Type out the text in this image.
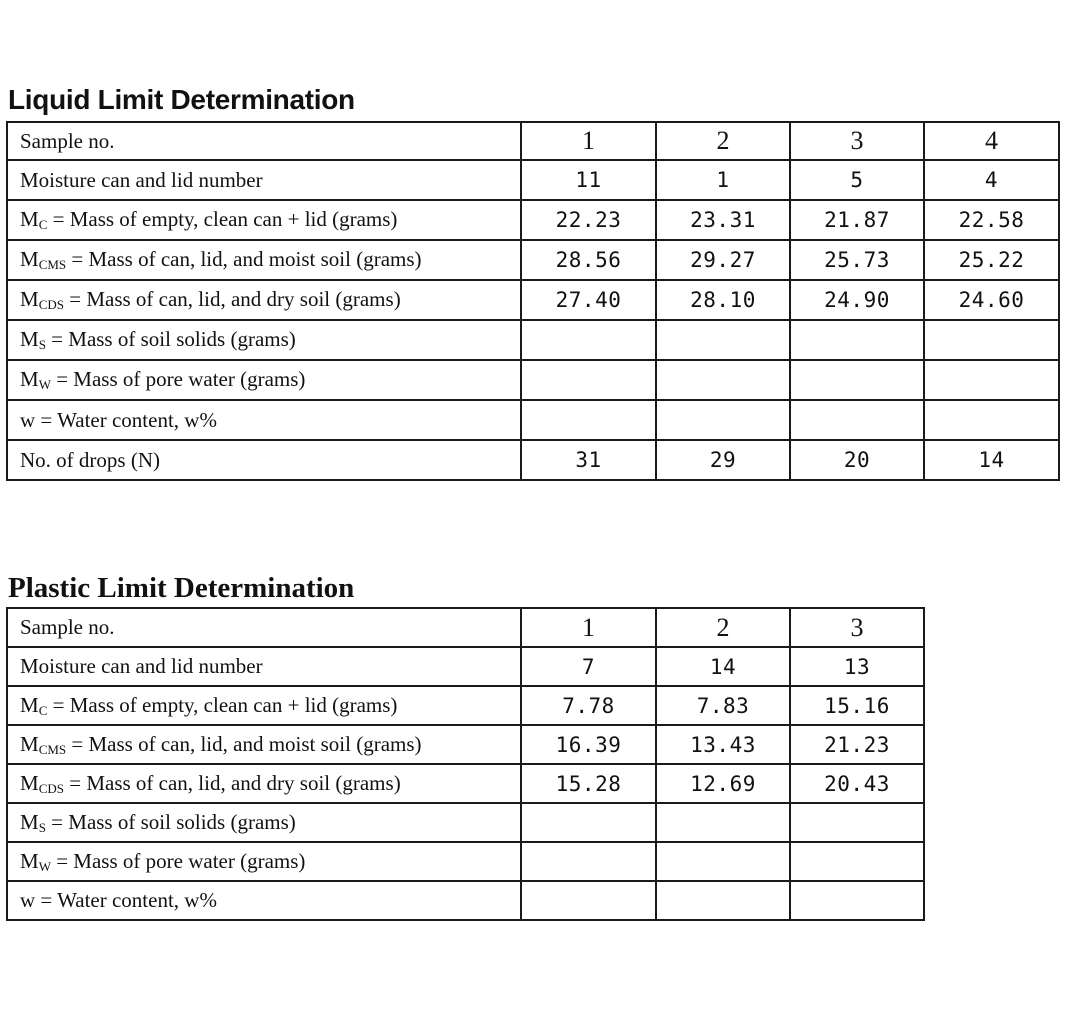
Liquid Limit Determination
Sample no.	1	2	3	4
Moisture can and lid number	11	1	5	4
$M_C$ = Mass of empty, clean can + lid (grams)	22.23	23.31	21.87	22.58
$M_{CMS}$ = Mass of can, lid, and moist soil (grams)	28.56	29.27	25.73	25.22
$M_{CDS}$ = Mass of can, lid, and dry soil (grams)	27.40	28.10	24.90	24.60
$M_S$ = Mass of soil solids (grams)				
$M_W$ = Mass of pore water (grams)				
w = Water content, w%				
No. of drops (N)	31	29	20	14
Plastic Limit Determination
Sample no.	1	2	3
Moisture can and lid number	7	14	13
$M_C$ = Mass of empty, clean can + lid (grams)	7.78	7.83	15.16
$M_{CMS}$ = Mass of can, lid, and moist soil (grams)	16.39	13.43	21.23
$M_{CDS}$ = Mass of can, lid, and dry soil (grams)	15.28	12.69	20.43
$M_S$ = Mass of soil solids (grams)			
$M_W$ = Mass of pore water (grams)			
w = Water content, w%			
